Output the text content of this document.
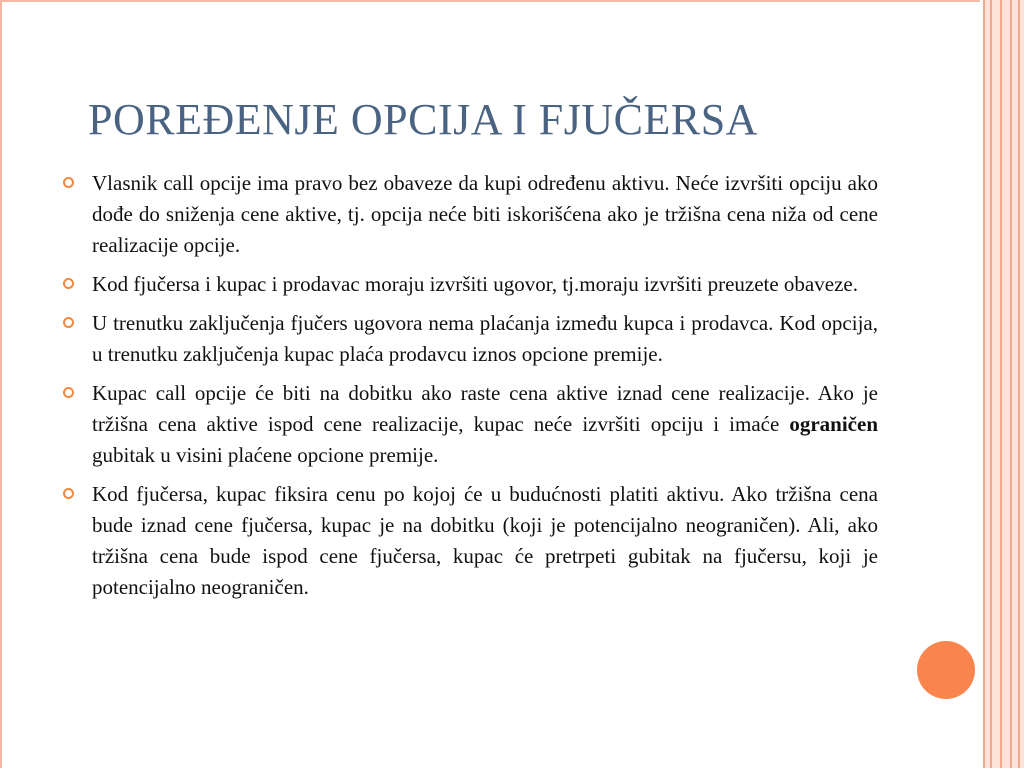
POREĐENJE OPCIJA I FJUČERSA
Vlasnik call opcije ima pravo bez obaveze da kupi određenu aktivu. Neće izvršiti opciju ako dođe do sniženja cene aktive, tj. opcija neće biti iskorišćena ako je tržišna cena niža od cene realizacije opcije.
Kod fjučersa i kupac i prodavac moraju izvršiti ugovor, tj.moraju izvršiti preuzete obaveze.
U trenutku zaključenja fjučers ugovora nema plaćanja između kupca i prodavca. Kod opcija, u trenutku zaključenja kupac plaća prodavcu iznos opcione premije.
Kupac call opcije će biti na dobitku ako raste cena aktive iznad cene realizacije. Ako je tržišna cena aktive ispod cene realizacije, kupac neće izvršiti opciju i imaće ograničen gubitak u visini plaćene opcione premije.
Kod fjučersa, kupac fiksira cenu po kojoj će u budućnosti platiti aktivu. Ako tržišna cena bude iznad cene fjučersa, kupac je na dobitku (koji je potencijalno neograničen). Ali, ako tržišna cena bude ispod cene fjučersa, kupac će pretrpeti gubitak na fjučersu, koji je potencijalno neograničen.
